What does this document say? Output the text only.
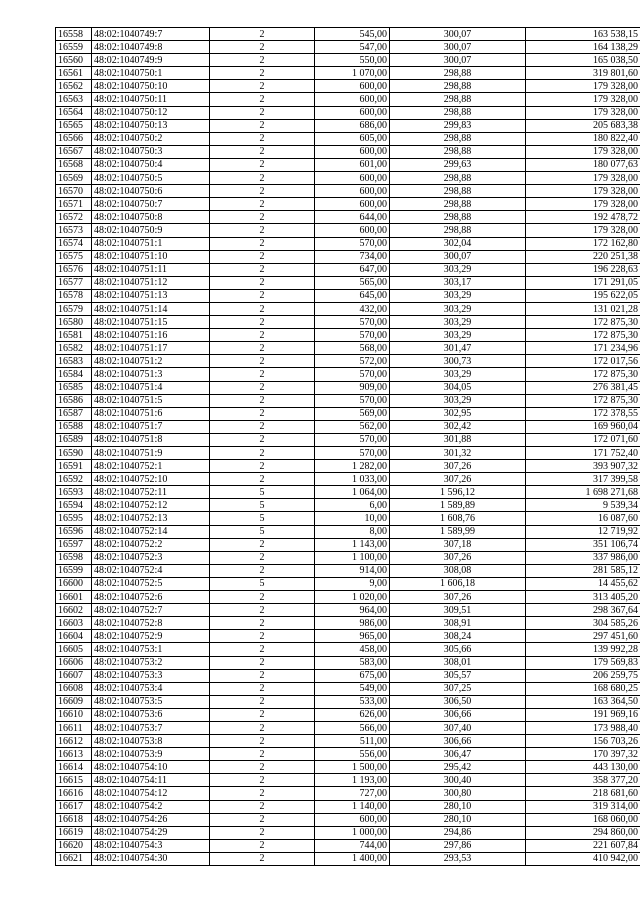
16558	48:02:1040749:7	2	545,00	300,07	163 538,15
16559	48:02:1040749:8	2	547,00	300,07	164 138,29
16560	48:02:1040749:9	2	550,00	300,07	165 038,50
16561	48:02:1040750:1	2	1 070,00	298,88	319 801,60
16562	48:02:1040750:10	2	600,00	298,88	179 328,00
16563	48:02:1040750:11	2	600,00	298,88	179 328,00
16564	48:02:1040750:12	2	600,00	298,88	179 328,00
16565	48:02:1040750:13	2	686,00	299,83	205 683,38
16566	48:02:1040750:2	2	605,00	298,88	180 822,40
16567	48:02:1040750:3	2	600,00	298,88	179 328,00
16568	48:02:1040750:4	2	601,00	299,63	180 077,63
16569	48:02:1040750:5	2	600,00	298,88	179 328,00
16570	48:02:1040750:6	2	600,00	298,88	179 328,00
16571	48:02:1040750:7	2	600,00	298,88	179 328,00
16572	48:02:1040750:8	2	644,00	298,88	192 478,72
16573	48:02:1040750:9	2	600,00	298,88	179 328,00
16574	48:02:1040751:1	2	570,00	302,04	172 162,80
16575	48:02:1040751:10	2	734,00	300,07	220 251,38
16576	48:02:1040751:11	2	647,00	303,29	196 228,63
16577	48:02:1040751:12	2	565,00	303,17	171 291,05
16578	48:02:1040751:13	2	645,00	303,29	195 622,05
16579	48:02:1040751:14	2	432,00	303,29	131 021,28
16580	48:02:1040751:15	2	570,00	303,29	172 875,30
16581	48:02:1040751:16	2	570,00	303,29	172 875,30
16582	48:02:1040751:17	2	568,00	301,47	171 234,96
16583	48:02:1040751:2	2	572,00	300,73	172 017,56
16584	48:02:1040751:3	2	570,00	303,29	172 875,30
16585	48:02:1040751:4	2	909,00	304,05	276 381,45
16586	48:02:1040751:5	2	570,00	303,29	172 875,30
16587	48:02:1040751:6	2	569,00	302,95	172 378,55
16588	48:02:1040751:7	2	562,00	302,42	169 960,04
16589	48:02:1040751:8	2	570,00	301,88	172 071,60
16590	48:02:1040751:9	2	570,00	301,32	171 752,40
16591	48:02:1040752:1	2	1 282,00	307,26	393 907,32
16592	48:02:1040752:10	2	1 033,00	307,26	317 399,58
16593	48:02:1040752:11	5	1 064,00	1 596,12	1 698 271,68
16594	48:02:1040752:12	5	6,00	1 589,89	9 539,34
16595	48:02:1040752:13	5	10,00	1 608,76	16 087,60
16596	48:02:1040752:14	5	8,00	1 589,99	12 719,92
16597	48:02:1040752:2	2	1 143,00	307,18	351 106,74
16598	48:02:1040752:3	2	1 100,00	307,26	337 986,00
16599	48:02:1040752:4	2	914,00	308,08	281 585,12
16600	48:02:1040752:5	5	9,00	1 606,18	14 455,62
16601	48:02:1040752:6	2	1 020,00	307,26	313 405,20
16602	48:02:1040752:7	2	964,00	309,51	298 367,64
16603	48:02:1040752:8	2	986,00	308,91	304 585,26
16604	48:02:1040752:9	2	965,00	308,24	297 451,60
16605	48:02:1040753:1	2	458,00	305,66	139 992,28
16606	48:02:1040753:2	2	583,00	308,01	179 569,83
16607	48:02:1040753:3	2	675,00	305,57	206 259,75
16608	48:02:1040753:4	2	549,00	307,25	168 680,25
16609	48:02:1040753:5	2	533,00	306,50	163 364,50
16610	48:02:1040753:6	2	626,00	306,66	191 969,16
16611	48:02:1040753:7	2	566,00	307,40	173 988,40
16612	48:02:1040753:8	2	511,00	306,66	156 703,26
16613	48:02:1040753:9	2	556,00	306,47	170 397,32
16614	48:02:1040754:10	2	1 500,00	295,42	443 130,00
16615	48:02:1040754:11	2	1 193,00	300,40	358 377,20
16616	48:02:1040754:12	2	727,00	300,80	218 681,60
16617	48:02:1040754:2	2	1 140,00	280,10	319 314,00
16618	48:02:1040754:26	2	600,00	280,10	168 060,00
16619	48:02:1040754:29	2	1 000,00	294,86	294 860,00
16620	48:02:1040754:3	2	744,00	297,86	221 607,84
16621	48:02:1040754:30	2	1 400,00	293,53	410 942,00
